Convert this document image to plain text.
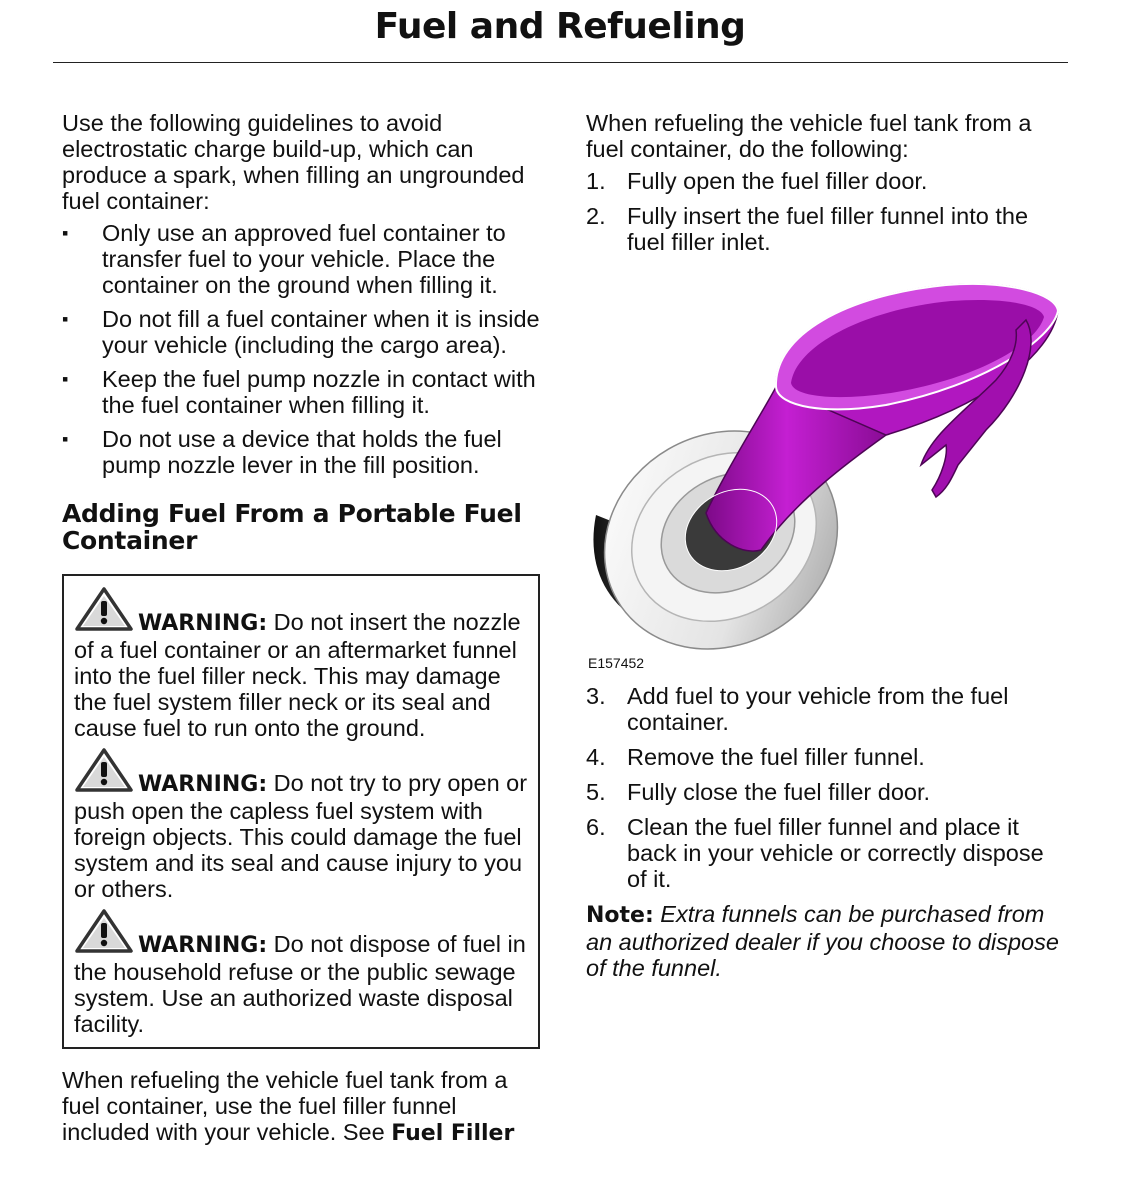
Fuel and Refueling

Use the following guidelines to avoid electrostatic charge build-up, which can produce a spark, when filling an ungrounded fuel container:

▪ Only use an approved fuel container to transfer fuel to your vehicle. Place the container on the ground when filling it.
▪ Do not fill a fuel container when it is inside your vehicle (including the cargo area).
▪ Keep the fuel pump nozzle in contact with the fuel container when filling it.
▪ Do not use a device that holds the fuel pump nozzle lever in the fill position.
Adding Fuel From a Portable Fuel Container
WARNING: Do not insert the nozzle of a fuel container or an aftermarket funnel into the fuel filler neck. This may damage the fuel system filler neck or its seal and cause fuel to run onto the ground.
WARNING: Do not try to pry open or push open the capless fuel system with foreign objects. This could damage the fuel system and its seal and cause injury to you or others.
WARNING: Do not dispose of fuel in the household refuse or the public sewage system. Use an authorized waste disposal facility.

When refueling the vehicle fuel tank from a fuel container, use the fuel filler funnel included with your vehicle. See Fuel Filler

When refueling the vehicle fuel tank from a fuel container, do the following:

1. Fully open the fuel filler door.
2. Fully insert the fuel filler funnel into the fuel filler inlet.
E157452
3. Add fuel to your vehicle from the fuel container.
4. Remove the fuel filler funnel.
5. Fully close the fuel filler door.
6. Clean the fuel filler funnel and place it back in your vehicle or correctly dispose of it.

Note: Extra funnels can be purchased from an authorized dealer if you choose to dispose of the funnel.
